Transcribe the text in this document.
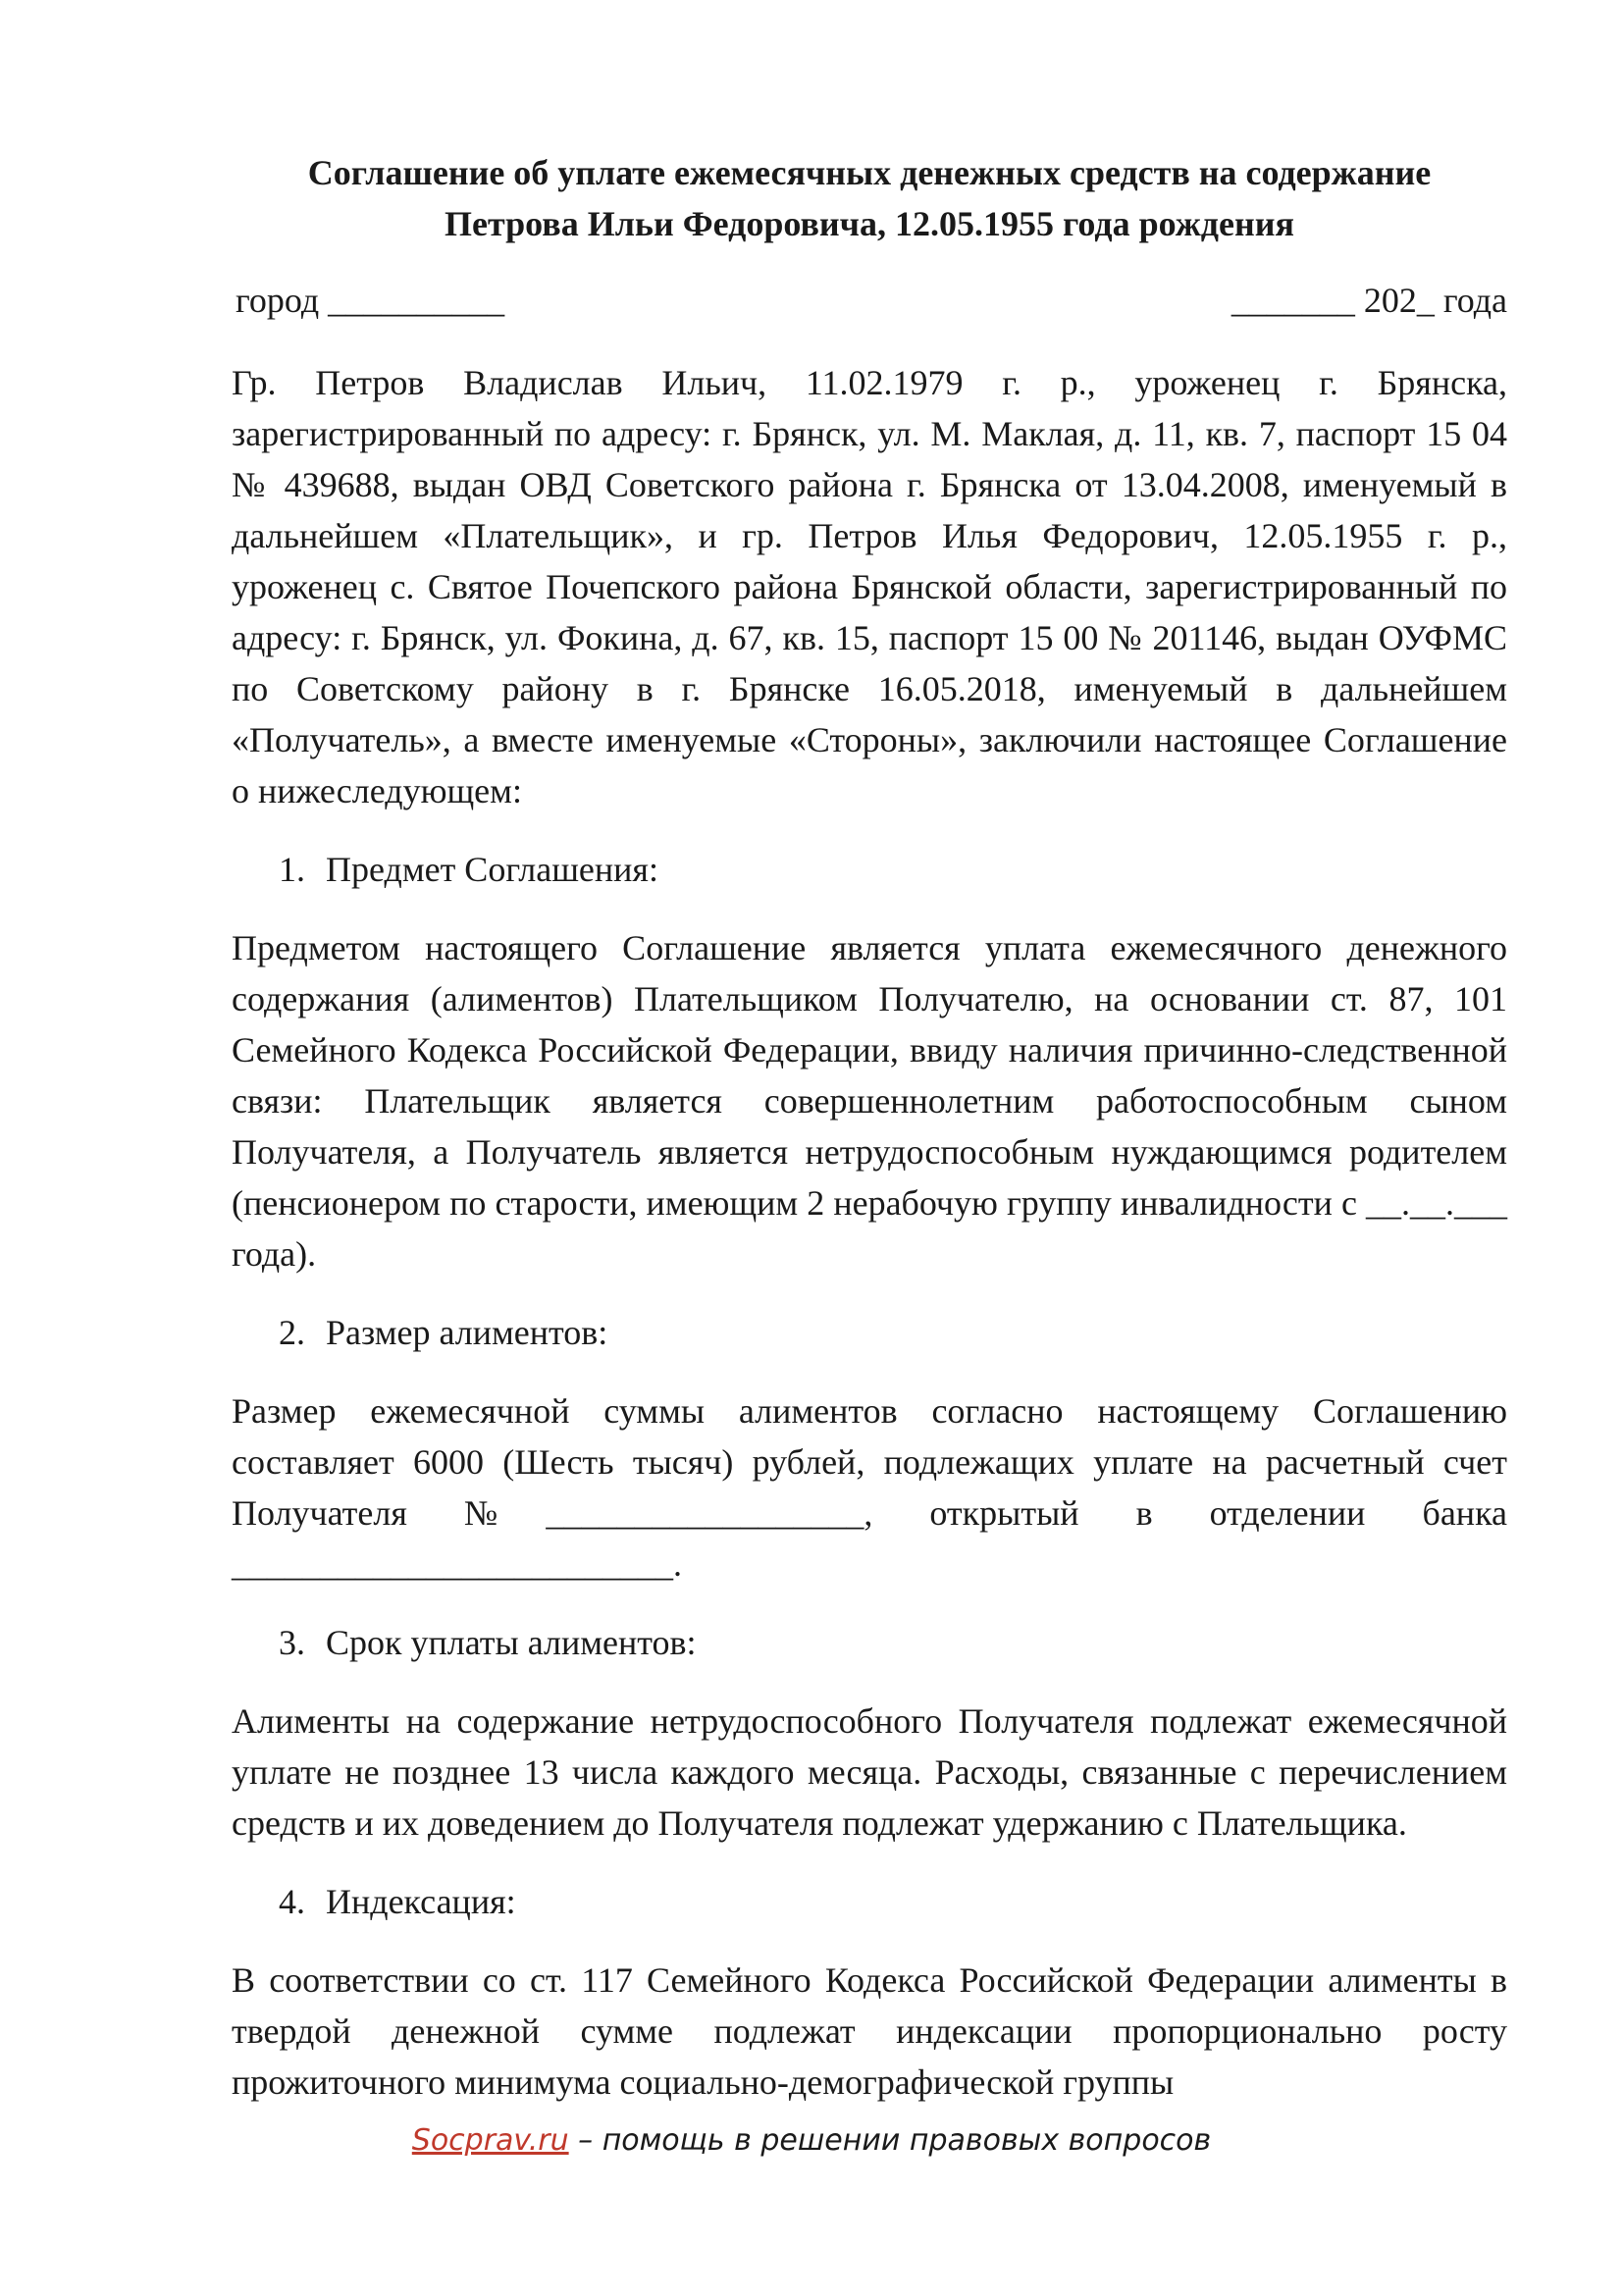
Соглашение об уплате ежемесячных денежных средств на содержание
Петрова Ильи Федоровича, 12.05.1955 года рождения
город __________	_______ 202_ года

Гр. Петров Владислав Ильич, 11.02.1979 г. р., уроженец г. Брянска, зарегистрированный по адресу: г. Брянск, ул. М. Маклая, д. 11, кв. 7, паспорт 15 04 № 439688, выдан ОВД Советского района г. Брянска от 13.04.2008, именуемый в дальнейшем «Плательщик», и гр. Петров Илья Федорович, 12.05.1955 г. р., уроженец с. Святое Почепского района Брянской области, зарегистрированный по адресу: г. Брянск, ул. Фокина, д. 67, кв. 15, паспорт 15 00 № 201146, выдан ОУФМС по Советскому району в г. Брянске 16.05.2018, именуемый в дальнейшем «Получатель», а вместе именуемые «Стороны», заключили настоящее Соглашение о нижеследующем:

1. Предмет Соглашения:

Предметом настоящего Соглашение является уплата ежемесячного денежного содержания (алиментов) Плательщиком Получателю, на основании ст. 87, 101 Семейного Кодекса Российской Федерации, ввиду наличия причинно-следственной связи: Плательщик является совершеннолетним работоспособным сыном Получателя, а Получатель является нетрудоспособным нуждающимся родителем (пенсионером по старости, имеющим 2 нерабочую группу инвалидности с __.__.___ года).

2. Размер алиментов:

Размер ежемесячной суммы алиментов согласно настоящему Соглашению составляет 6000 (Шесть тысяч) рублей, подлежащих уплате на расчетный счет Получателя №__________________, открытый в отделении банка _________________________.

3. Срок уплаты алиментов:

Алименты на содержание нетрудоспособного Получателя подлежат ежемесячной уплате не позднее 13 числа каждого месяца. Расходы, связанные с перечислением средств и их доведением до Получателя подлежат удержанию с Плательщика.

4. Индексация:

В соответствии со ст. 117 Семейного Кодекса Российской Федерации алименты в твердой денежной сумме подлежат индексации пропорционально росту прожиточного минимума социально-демографической группы

Socprav.ru – помощь в решении правовых вопросов
